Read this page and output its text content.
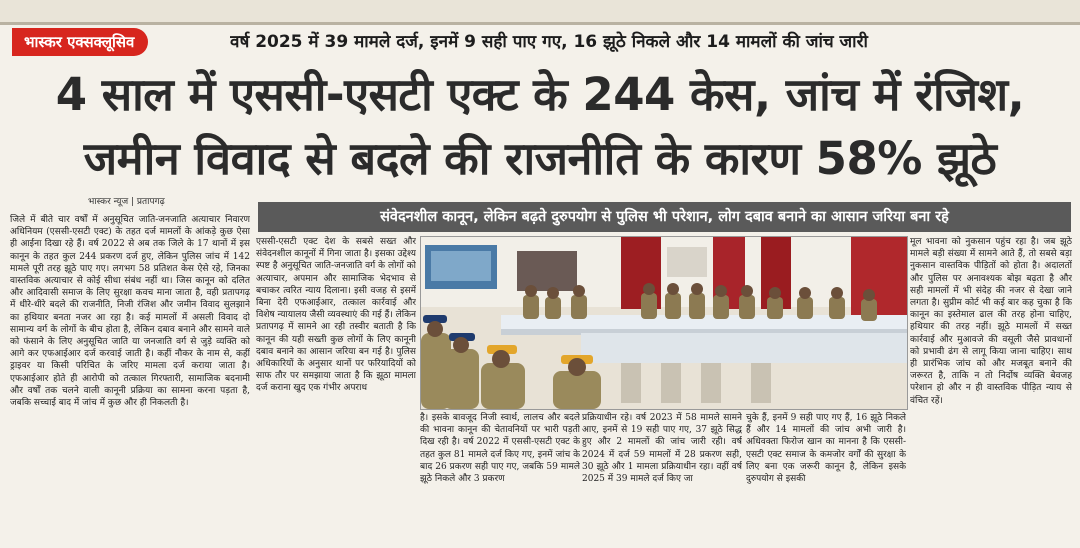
भास्कर एक्सक्लूसिव	वर्ष 2025 में 39 मामले दर्ज, इनमें 9 सही पाए गए, 16 झूठे निकले और 14 मामलों की जांच जारी
4 साल में एससी-एसटी एक्ट के 244 केस, जांच में रंजिश,
जमीन विवाद से बदले की राजनीति के कारण 58% झूठे
भास्कर न्यूज | प्रतापगढ़
संवेदनशील कानून, लेकिन बढ़ते दुरुपयोग से पुलिस भी परेशान, लोग दबाव बनाने का आसान जरिया बना रहे
जिले में बीते चार वर्षों में अनुसूचित जाति-जनजाति अत्याचार निवारण अधिनियम (एससी-एसटी एक्ट) के तहत दर्ज मामलों के आंकड़े कुछ ऐसा ही आईना दिखा रहे हैं। वर्ष 2022 से अब तक जिले के 17 थानों में इस कानून के तहत कुल 244 प्रकरण दर्ज हुए, लेकिन पुलिस जांच में 142 मामले पूरी तरह झूठे पाए गए। लगभग 58 प्रतिशत केस ऐसे रहे, जिनका वास्तविक अत्याचार से कोई सीधा संबंध नहीं था। जिस कानून को दलित और आदिवासी समाज के लिए सुरक्षा कवच माना जाता है, वही प्रतापगढ़ में धीरे-धीरे बदले की राजनीति, निजी रंजिश और जमीन विवाद सुलझाने का हथियार बनता नजर आ रहा है। कई मामलों में असली विवाद दो सामान्य वर्ग के लोगों के बीच होता है, लेकिन दबाव बनाने और सामने वाले को फंसाने के लिए अनुसूचित जाति या जनजाति वर्ग से जुड़े व्यक्ति को आगे कर एफआईआर दर्ज करवाई जाती है। कहीं नौकर के नाम से, कहीं ड्राइवर या किसी परिचित के जरिए मामला दर्ज कराया जाता है। एफआईआर होते ही आरोपी को तत्काल गिरफ्तारी, सामाजिक बदनामी और वर्षों तक चलने वाली कानूनी प्रक्रिया का सामना करना पड़ता है, जबकि सच्चाई बाद में जांच में कुछ और ही निकलती है।
एससी-एसटी एक्ट देश के सबसे सख्त और संवेदनशील कानूनों में गिना जाता है। इसका उद्देश्य स्पष्ट है अनुसूचित जाति-जनजाति वर्ग के लोगों को अत्याचार, अपमान और सामाजिक भेदभाव से बचाकर त्वरित न्याय दिलाना। इसी वजह से इसमें बिना देरी एफआईआर, तत्काल कार्रवाई और विशेष न्यायालय जैसी व्यवस्थाएं की गई हैं। लेकिन प्रतापगढ़ में सामने आ रही तस्वीर बताती है कि कानून की यही सख्ती कुछ लोगों के लिए कानूनी दबाव बनाने का आसान जरिया बन गई है। पुलिस अधिकारियों के अनुसार थानों पर फरियादियों को साफ तौर पर समझाया जाता है कि झूठा मामला दर्ज कराना खुद एक गंभीर अपराध
है। इसके बावजूद निजी स्वार्थ, लालच और बदले की भावना कानून की चेतावनियों पर भारी पड़ती दिख रही है। वर्ष 2022 में एससी-एसटी एक्ट के तहत कुल 81 मामले दर्ज किए गए, इनमें जांच के बाद 26 प्रकरण सही पाए गए, जबकि 59 मामले झूठे निकले और 3 प्रकरण
प्रक्रियाधीन रहे। वर्ष 2023 में 58 मामले सामने आए, इनमें से 19 सही पाए गए, 37 झूठे सिद्ध हुए और 2 मामलों की जांच जारी रही। वर्ष 2024 में दर्ज 59 मामलों में 28 प्रकरण सही, 30 झूठे और 1 मामला प्रक्रियाधीन रहा। वहीं वर्ष 2025 में 39 मामले दर्ज किए जा
चुके हैं, इनमें 9 सही पाए गए हैं, 16 झूठे निकले हैं और 14 मामलों की जांच अभी जारी है। अधिवक्ता फिरोज खान का मानना है कि एससी-एसटी एक्ट समाज के कमजोर वर्गों की सुरक्षा के लिए बना एक जरूरी कानून है, लेकिन इसके दुरुपयोग से इसकी
मूल भावना को नुकसान पहुंच रहा है। जब झूठे मामले बड़ी संख्या में सामने आते हैं, तो सबसे बड़ा नुकसान वास्तविक पीड़ितों को होता है। अदालतों और पुलिस पर अनावश्यक बोझ बढ़ता है और सही मामलों में भी संदेह की नजर से देखा जाने लगता है। सुप्रीम कोर्ट भी कई बार कह चुका है कि कानून का इस्तेमाल ढाल की तरह होना चाहिए, हथियार की तरह नहीं। झूठे मामलों में सख्त कार्रवाई और मुआवजे की वसूली जैसे प्रावधानों को प्रभावी ढंग से लागू किया जाना चाहिए। साथ ही प्रारंभिक जांच को और मजबूत बनाने की जरूरत है, ताकि न तो निर्दोष व्यक्ति बेवजह परेशान हो और न ही वास्तविक पीड़ित न्याय से वंचित रहें।
